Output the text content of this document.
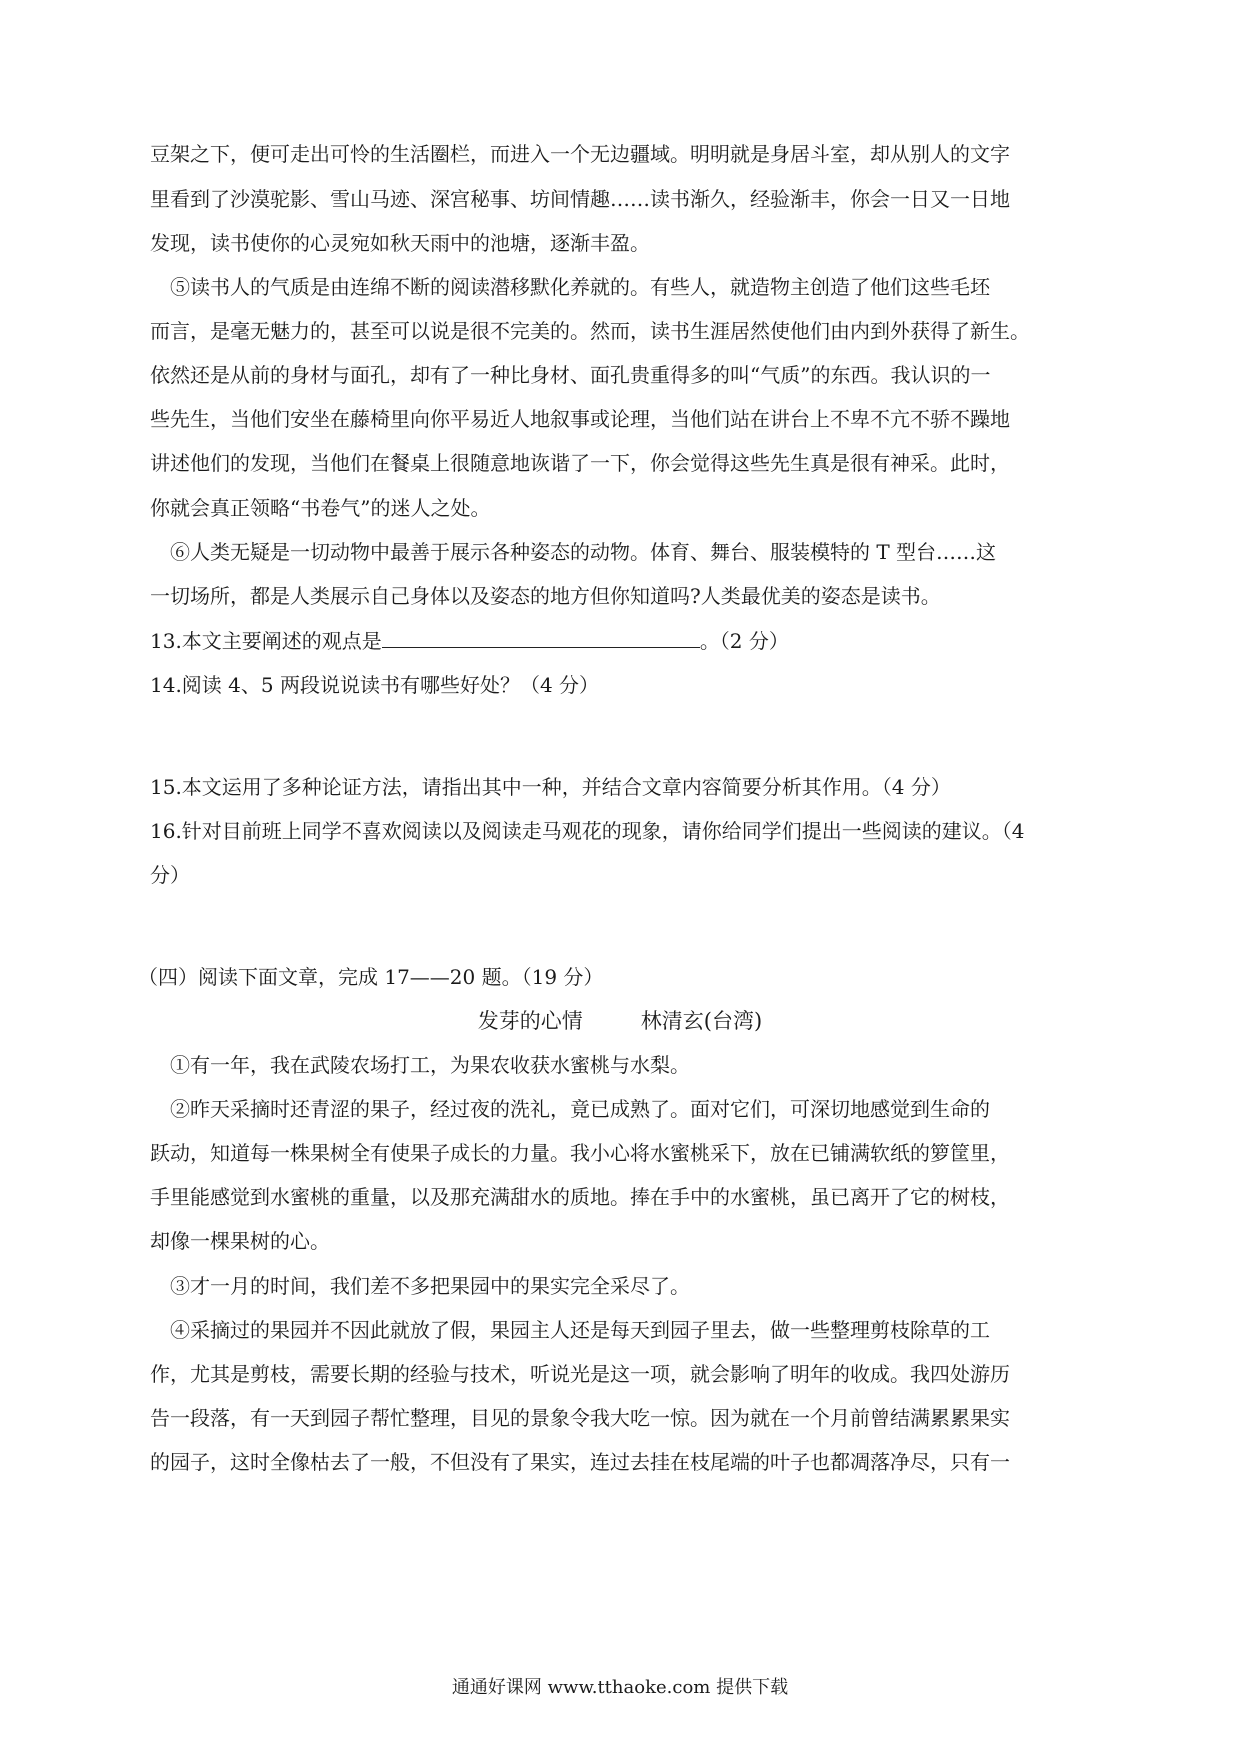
豆架之下，便可走出可怜的生活圈栏，而进入一个无边疆域。明明就是身居斗室，却从别人的文字
里看到了沙漠驼影、雪山马迹、深宫秘事、坊间情趣……读书渐久，经验渐丰，你会一日又一日地
发现，读书使你的心灵宛如秋天雨中的池塘，逐渐丰盈。
　⑤读书人的气质是由连绵不断的阅读潜移默化养就的。有些人，就造物主创造了他们这些毛坯
而言，是毫无魅力的，甚至可以说是很不完美的。然而，读书生涯居然使他们由内到外获得了新生。
依然还是从前的身材与面孔，却有了一种比身材、面孔贵重得多的叫“气质”的东西。我认识的一
些先生，当他们安坐在藤椅里向你平易近人地叙事或论理，当他们站在讲台上不卑不亢不骄不躁地
讲述他们的发现，当他们在餐桌上很随意地诙谐了一下，你会觉得这些先生真是很有神采。此时，
你就会真正领略“书卷气”的迷人之处。
　⑥人类无疑是一切动物中最善于展示各种姿态的动物。体育、舞台、服装模特的 T 型台……这
一切场所，都是人类展示自己身体以及姿态的地方但你知道吗?人类最优美的姿态是读书。
13.本文主要阐述的观点是	。（2 分）
14.阅读 4、5 两段说说读书有哪些好处？（4 分）
15.本文运用了多种论证方法，请指出其中一种，并结合文章内容简要分析其作用。（4 分）
16.针对目前班上同学不喜欢阅读以及阅读走马观花的现象，请你给同学们提出一些阅读的建议。（4
分）
（四）阅读下面文章，完成 17——20 题。（19 分）
发芽的心情	林清玄(台湾)
　①有一年，我在武陵农场打工，为果农收获水蜜桃与水梨。
　②昨天采摘时还青涩的果子，经过夜的洗礼，竟已成熟了。面对它们，可深切地感觉到生命的
跃动，知道每一株果树全有使果子成长的力量。我小心将水蜜桃采下，放在已铺满软纸的箩筐里，
手里能感觉到水蜜桃的重量，以及那充满甜水的质地。捧在手中的水蜜桃，虽已离开了它的树枝，
却像一棵果树的心。
　③才一月的时间，我们差不多把果园中的果实完全采尽了。
　④采摘过的果园并不因此就放了假，果园主人还是每天到园子里去，做一些整理剪枝除草的工
作，尤其是剪枝，需要长期的经验与技术，听说光是这一项，就会影响了明年的收成。我四处游历
告一段落，有一天到园子帮忙整理，目见的景象令我大吃一惊。因为就在一个月前曾结满累累果实
的园子，这时全像枯去了一般，不但没有了果实，连过去挂在枝尾端的叶子也都凋落净尽，只有一
通通好课网 www.tthaoke.com 提供下载
